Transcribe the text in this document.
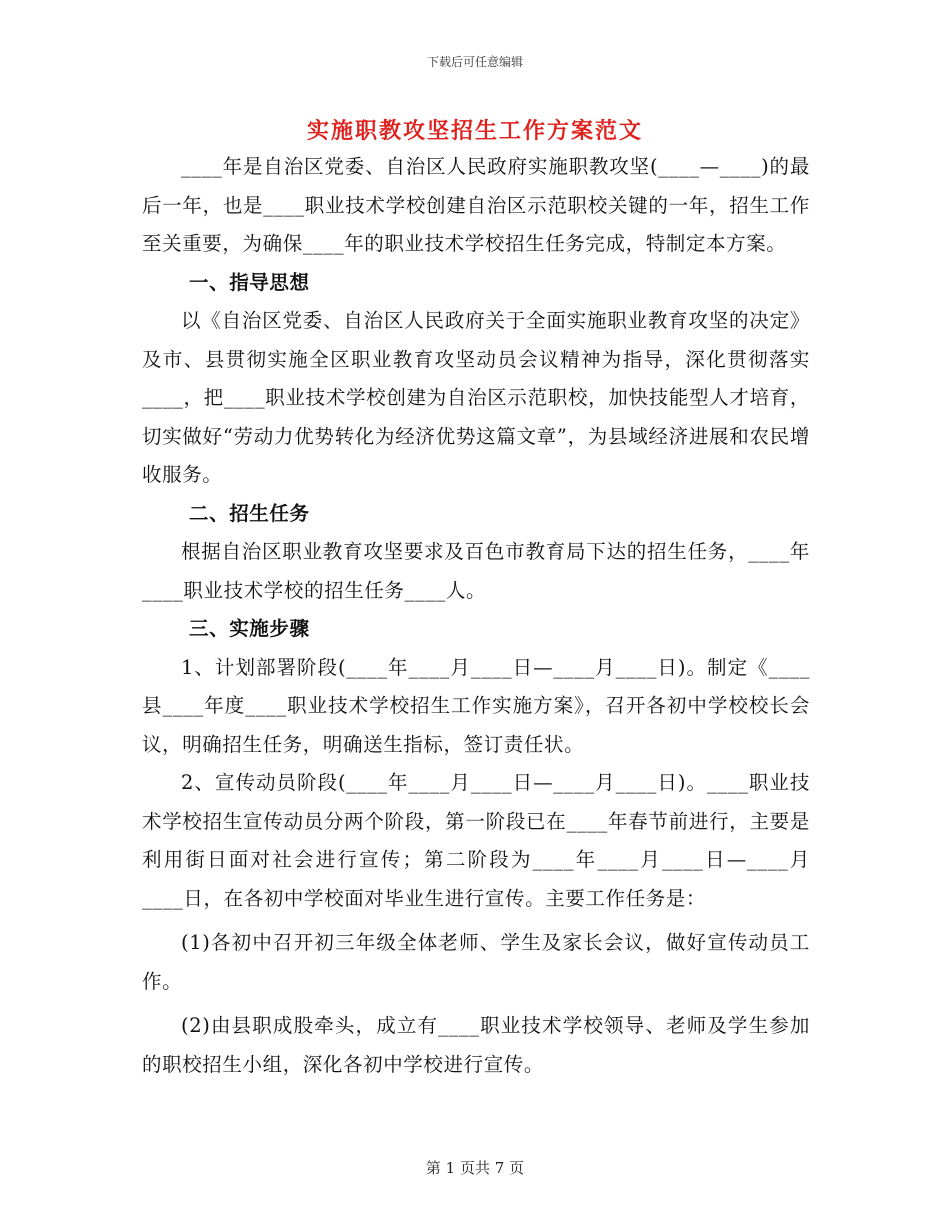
下载后可任意编辑
实施职教攻坚招生工作方案范文

____年是自治区党委、自治区人民政府实施职教攻坚(____—____)的最后一年，也是____职业技术学校创建自治区示范职校关键的一年，招生工作至关重要，为确保____年的职业技术学校招生任务完成，特制定本方案。

一、指导思想

以《自治区党委、自治区人民政府关于全面实施职业教育攻坚的决定》及市、县贯彻实施全区职业教育攻坚动员会议精神为指导，深化贯彻落实____，把____职业技术学校创建为自治区示范职校，加快技能型人才培育，切实做好“劳动力优势转化为经济优势这篇文章”，为县域经济进展和农民增收服务。

二、招生任务

根据自治区职业教育攻坚要求及百色市教育局下达的招生任务，____年____职业技术学校的招生任务____人。

三、实施步骤

1、计划部署阶段(____年____月____日—____月____日)。制定《____县____年度____职业技术学校招生工作实施方案》，召开各初中学校校长会议，明确招生任务，明确送生指标，签订责任状。

2、宣传动员阶段(____年____月____日—____月____日)。____职业技术学校招生宣传动员分两个阶段，第一阶段已在____年春节前进行，主要是利用街日面对社会进行宣传；第二阶段为____年____月____日—____月____日，在各初中学校面对毕业生进行宣传。主要工作任务是：

(1)各初中召开初三年级全体老师、学生及家长会议，做好宣传动员工作。

(2)由县职成股牵头，成立有____职业技术学校领导、老师及学生参加的职校招生小组，深化各初中学校进行宣传。

第 1 页共 7 页
